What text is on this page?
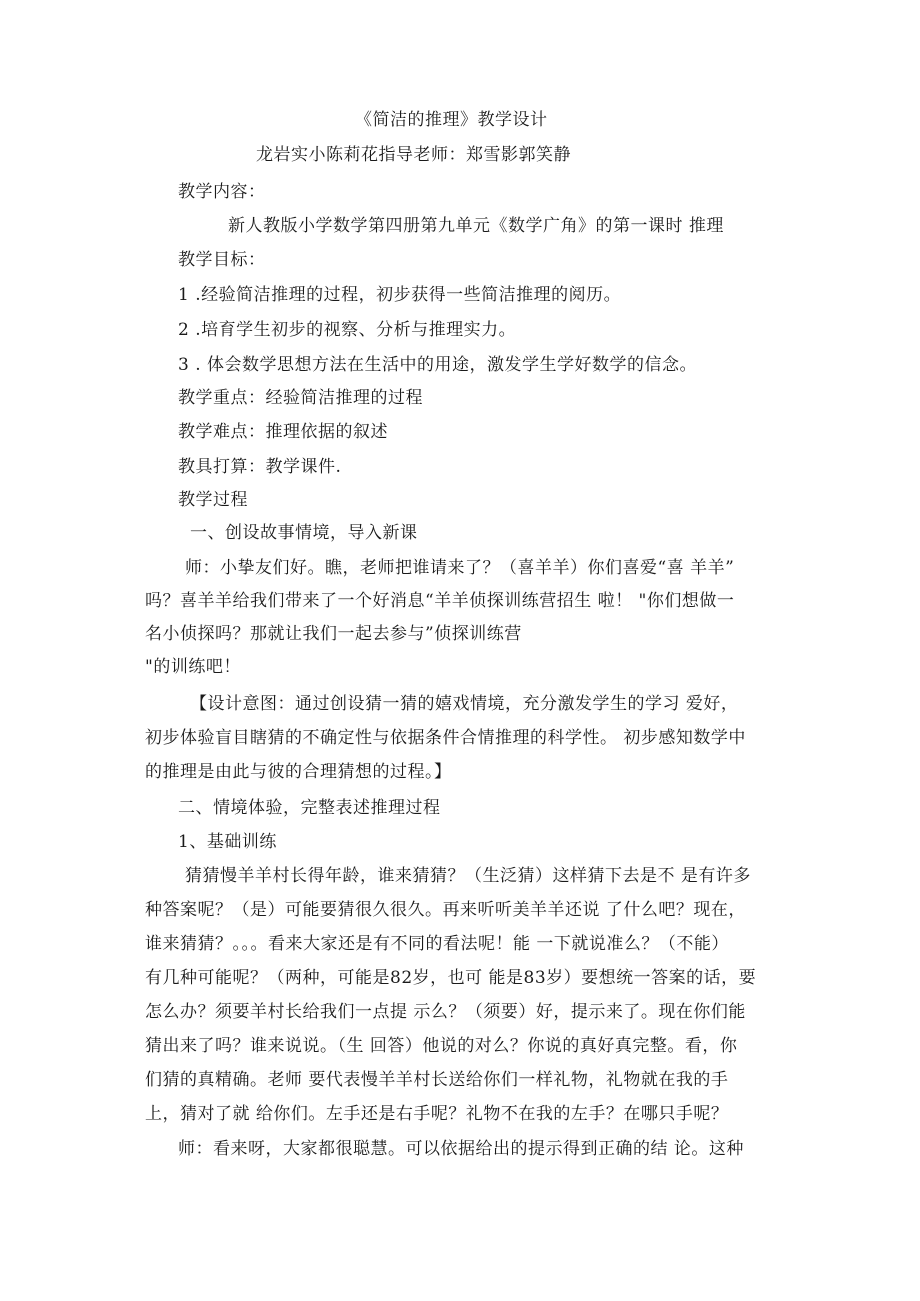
《简洁的推理》教学设计
龙岩实小陈莉花指导老师：郑雪影郭笑静
教学内容：
新人教版小学数学第四册第九单元《数学广角》的第一课时 推理
教学目标：
1 .经验简洁推理的过程，初步获得一些简洁推理的阅历。
2 .培育学生初步的视察、分析与推理实力。
3 . 体会数学思想方法在生活中的用途，激发学生学好数学的信念。
教学重点：经验简洁推理的过程
教学难点：推理依据的叙述
教具打算：教学课件.
教学过程
一、创设故事情境，导入新课
师：小挚友们好。瞧，老师把谁请来了？（喜羊羊）你们喜爱“喜 羊羊”
吗？喜羊羊给我们带来了一个好消息“羊羊侦探训练营招生 啦！ "你们想做一
名小侦探吗？那就让我们一起去参与”侦探训练营
"的训练吧！
【设计意图：通过创设猜一猜的嬉戏情境，充分激发学生的学习 爱好，
初步体验盲目瞎猜的不确定性与依据条件合情推理的科学性。 初步感知数学中
的推理是由此与彼的合理猜想的过程。】
二、情境体验，完整表述推理过程
1、基础训练
猜猜慢羊羊村长得年龄，谁来猜猜？（生泛猜）这样猜下去是不 是有许多
种答案呢？（是）可能要猜很久很久。再来听听美羊羊还说 了什么吧？现在，
谁来猜猜？。。。看来大家还是有不同的看法呢！能 一下就说准么？（不能）
有几种可能呢？（两种，可能是82岁，也可 能是83岁）要想统一答案的话，要
怎么办？须要羊村长给我们一点提 示么？（须要）好，提示来了。现在你们能
猜出来了吗？谁来说说。（生 回答）他说的对么？你说的真好真完整。看，你
们猜的真精确。老师 要代表慢羊羊村长送给你们一样礼物，礼物就在我的手
上，猜对了就 给你们。左手还是右手呢？礼物不在我的左手？在哪只手呢？
师：看来呀，大家都很聪慧。可以依据给出的提示得到正确的结 论。这种
